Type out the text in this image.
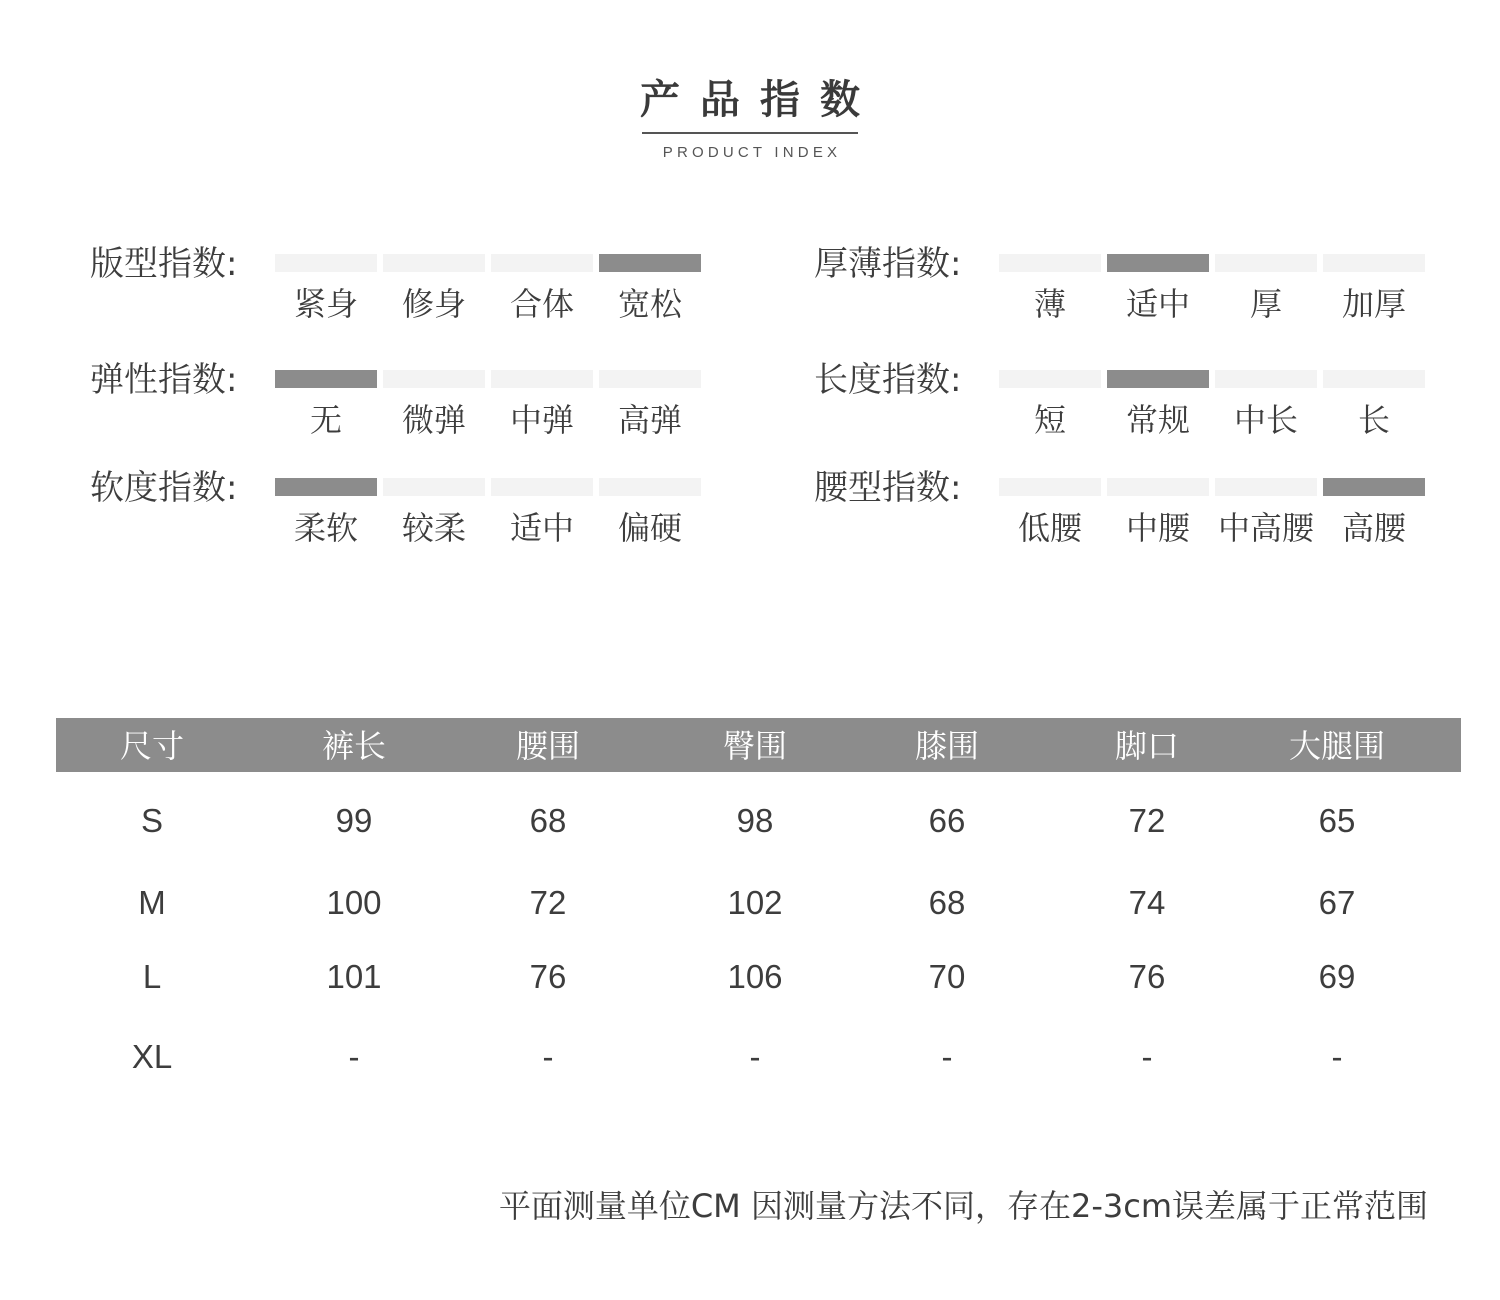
产品指数
PRODUCT INDEX
版型指数:
紧身	修身	合体	宽松
厚薄指数:
薄	适中	厚	加厚
弹性指数:
无	微弹	中弹	高弹
长度指数:
短	常规	中长	长
软度指数:
柔软	较柔	适中	偏硬
腰型指数:
低腰	中腰 中高腰 高腰
尺寸	裤长	腰围	臀围	膝围	脚口	大腿围
S	99	68	98	66	72	65
M	100	72	102	68	74	67
L	101	76	106	70	76	69
XL	-	-	-	-	-	-
平面测量单位CM 因测量方法不同，存在2-3cm误差属于正常范围
